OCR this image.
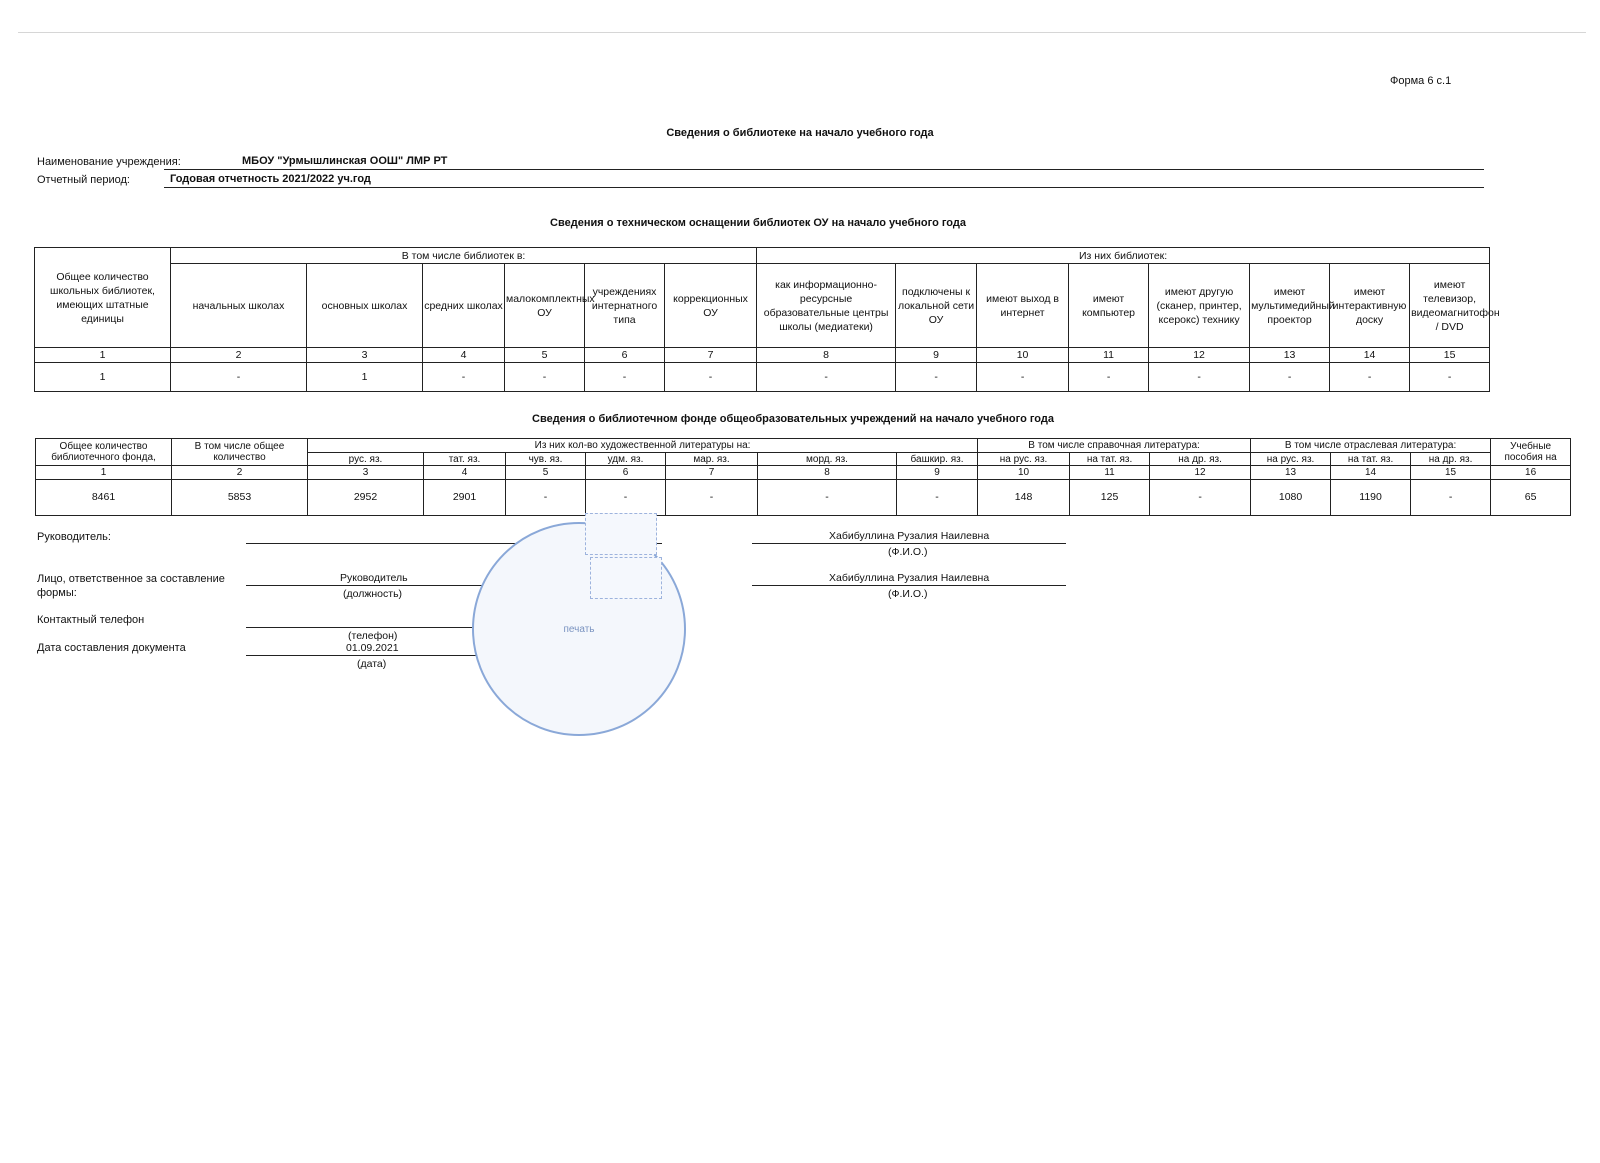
Форма 6 с.1
Сведения о библиотеке на начало учебного года
Наименование учреждения:	МБОУ "Урмышлинская ООШ" ЛМР РТ
Отчетный период:	Годовая отчетность 2021/2022 уч.год
Сведения о техническом оснащении библиотек ОУ на начало учебного года
Общее количество школьных библиотек, имеющих штатные единицы	В том числе библиотек в:						Из них библиотек:							
	начальных школах	основных школах	средних школах	малокомплектных ОУ	учреждениях интернатного типа	коррекционных ОУ	как информационно-ресурсные образовательные центры школы (медиатеки)	подключены к локальной сети ОУ	имеют выход в интернет	имеют компьютер	имеют другую (сканер, принтер, ксерокс) технику	имеют мультимедийный проектор	имеют интерактивную доску	имеют телевизор, видеомагнитофон / DVD
1	2	3	4	5	6	7	8	9	10	11	12	13	14	15
1	-	1	-	-	-	-	-	-	-	-	-	-	-	-
Сведения о библиотечном фонде общеобразовательных учреждений на начало учебного года
Общее количество библиотечного фонда,	В том числе общее количество	Из них кол-во художественной литературы на:							В том числе справочная литература:			В том числе отраслевая литература:			Учебные пособия на
		рус. яз.	тат. яз.	чув. яз.	удм. яз.	мар. яз.	морд. яз.	башкир. яз.	на рус. яз.	на тат. яз.	на др. яз.	на рус. яз.	на тат. яз.	на др. яз.	
1	2	3	4	5	6	7	8	9	10	11	12	13	14	15	16
8461	5853	2952	2901	-	-	-	-	-	148	125	-	1080	1190	-	65
Руководитель:	Хабибуллина Рузалия Наилевна
(Ф.И.О.)
Лицо, ответственное за составление формы:
Руководитель
(должность)
Хабибуллина Рузалия Наилевна
(Ф.И.О.)
Контактный телефон
(телефон)
Дата составления документа	01.09.2021
(дата)
печать
